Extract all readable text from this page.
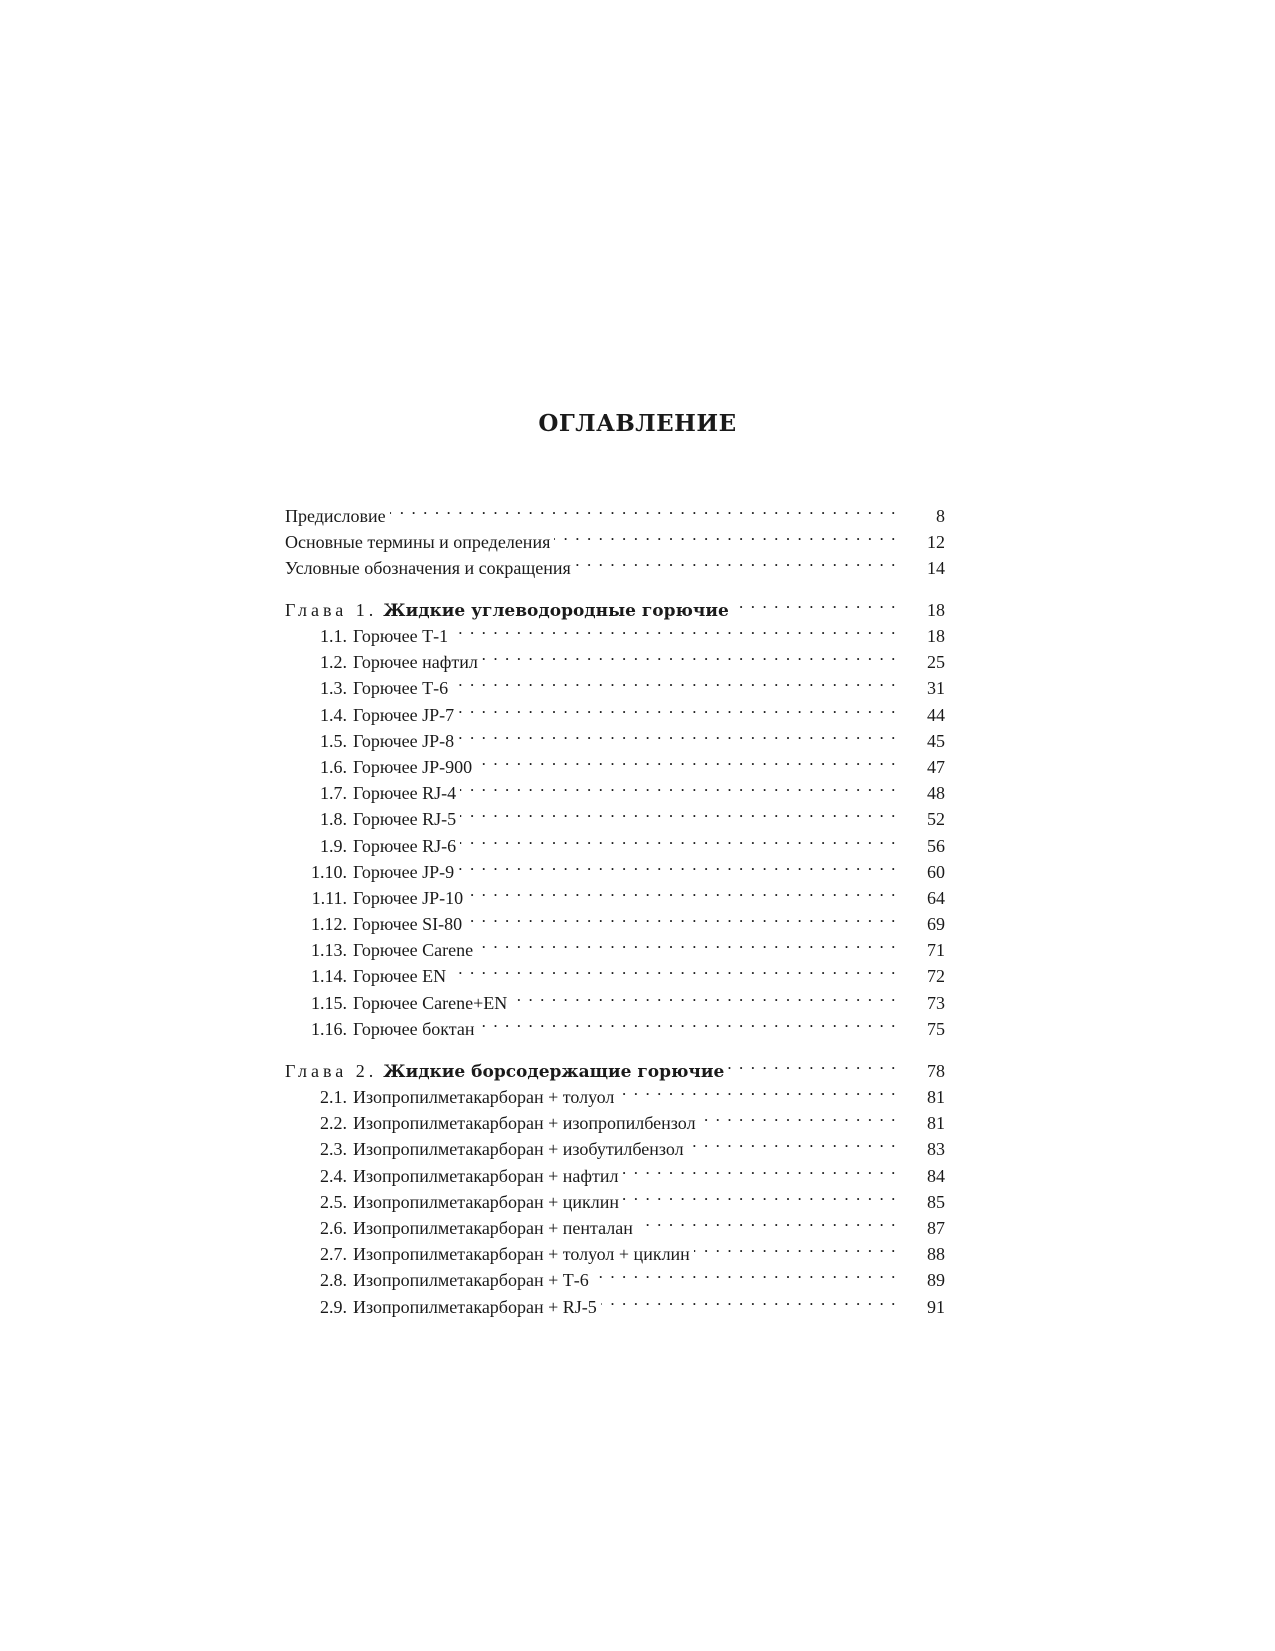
ОГЛАВЛЕНИЕ
Предисловие . . .	8
Основные термины и определения . . .	12
Условные обозначения и сокращения . . .	14
Глава 1. Жидкие углеводородные горючие . . .	18
1.1. Горючее Т-1 . . .	18
1.2. Горючее нафтил . . .	25
1.3. Горючее Т-6 . . .	31
1.4. Горючее JP-7 . . .	44
1.5. Горючее JP-8 . . .	45
1.6. Горючее JP-900 . . .	47
1.7. Горючее RJ-4 . . .	48
1.8. Горючее RJ-5 . . .	52
1.9. Горючее RJ-6 . . .	56
1.10. Горючее JP-9 . . .	60
1.11. Горючее JP-10 . . .	64
1.12. Горючее SI-80 . . .	69
1.13. Горючее Carene . . .	71
1.14. Горючее EN . . .	72
1.15. Горючее Carene+EN . . .	73
1.16. Горючее боктан . . .	75
Глава 2. Жидкие борсодержащие горючие . . .	78
2.1. Изопропилметакарборан + толуол . . .	81
2.2. Изопропилметакарборан + изопропилбензол . . .	81
2.3. Изопропилметакарборан + изобутилбензол . . .	83
2.4. Изопропилметакарборан + нафтил . . .	84
2.5. Изопропилметакарборан + циклин . . .	85
2.6. Изопропилметакарборан + пенталан . . .	87
2.7. Изопропилметакарборан + толуол + циклин . . .	88
2.8. Изопропилметакарборан + Т-6 . . .	89
2.9. Изопропилметакарборан + RJ-5 . . .	91
